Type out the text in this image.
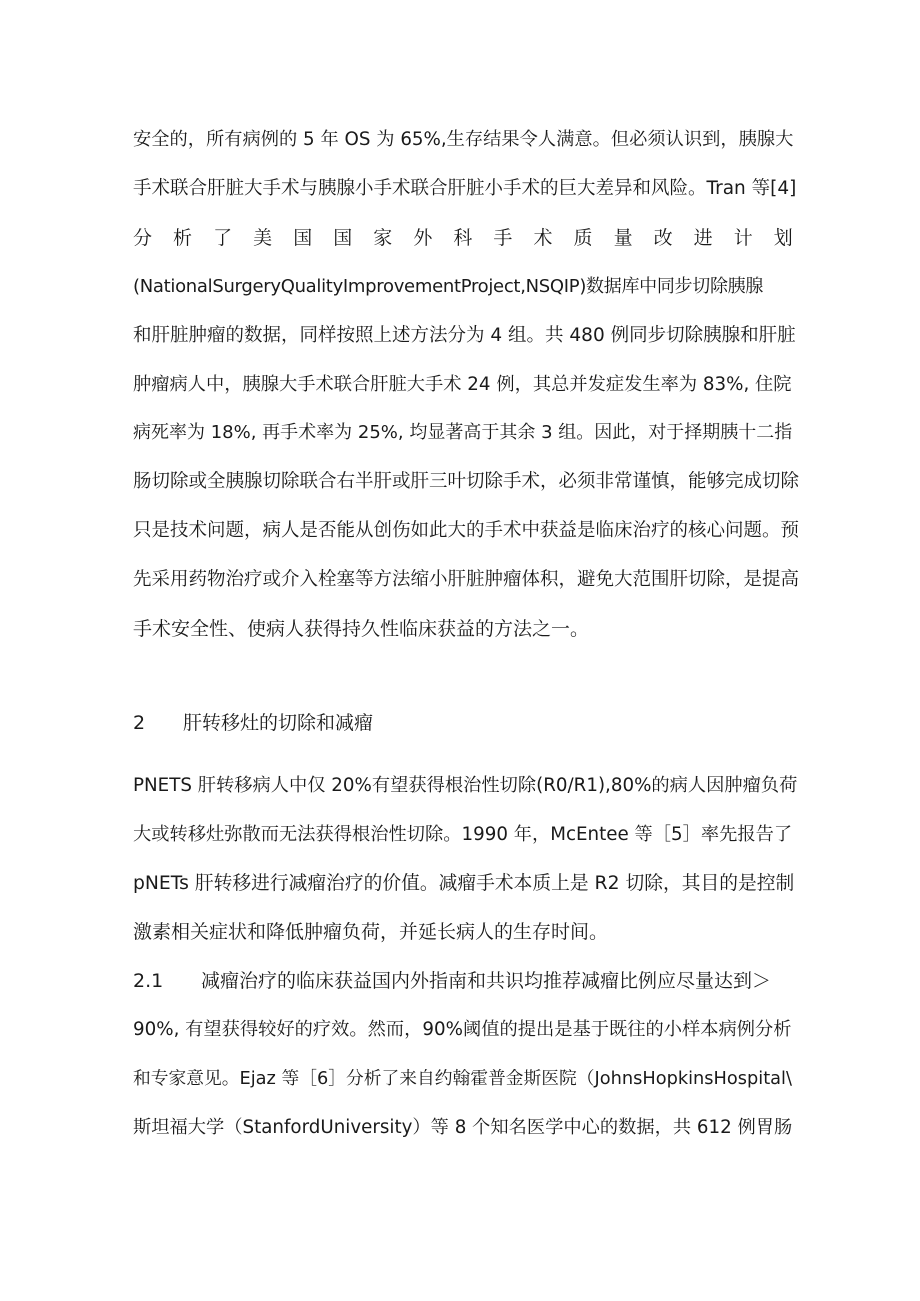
安全的，所有病例的 5 年 OS 为 65%,生存结果令人满意。但必须认识到，胰腺大
手术联合肝脏大手术与胰腺小手术联合肝脏小手术的巨大差异和风险。Tran 等[4]
分 析 了 美 国 国 家 外 科 手 术 质 量 改 进 计 划
(NationalSurgeryQualityImprovementProject,NSQIP)数据库中同步切除胰腺
和肝脏肿瘤的数据，同样按照上述方法分为 4 组。共 480 例同步切除胰腺和肝脏
肿瘤病人中，胰腺大手术联合肝脏大手术 24 例，其总并发症发生率为 83%, 住院
病死率为 18%, 再手术率为 25%, 均显著高于其余 3 组。因此，对于择期胰十二指
肠切除或全胰腺切除联合右半肝或肝三叶切除手术，必须非常谨慎，能够完成切除
只是技术问题，病人是否能从创伤如此大的手术中获益是临床治疗的核心问题。预
先采用药物治疗或介入栓塞等方法缩小肝脏肿瘤体积，避免大范围肝切除，是提高
手术安全性、使病人获得持久性临床获益的方法之一。
2 肝转移灶的切除和减瘤
PNETS 肝转移病人中仅 20%有望获得根治性切除(R0/R1),80%的病人因肿瘤负荷
大或转移灶弥散而无法获得根治性切除。1990 年，McEntee 等［5］率先报告了
pNETs 肝转移进行减瘤治疗的价值。减瘤手术本质上是 R2 切除，其目的是控制
激素相关症状和降低肿瘤负荷，并延长病人的生存时间。
2.1 减瘤治疗的临床获益国内外指南和共识均推荐减瘤比例应尽量达到＞
90%, 有望获得较好的疗效。然而，90%阈值的提出是基于既往的小样本病例分析
和专家意见。Ejaz 等［6］分析了来自约翰霍普金斯医院（JohnsHopkinsHospital\
斯坦福大学（StanfordUniversity）等 8 个知名医学中心的数据，共 612 例胃肠
